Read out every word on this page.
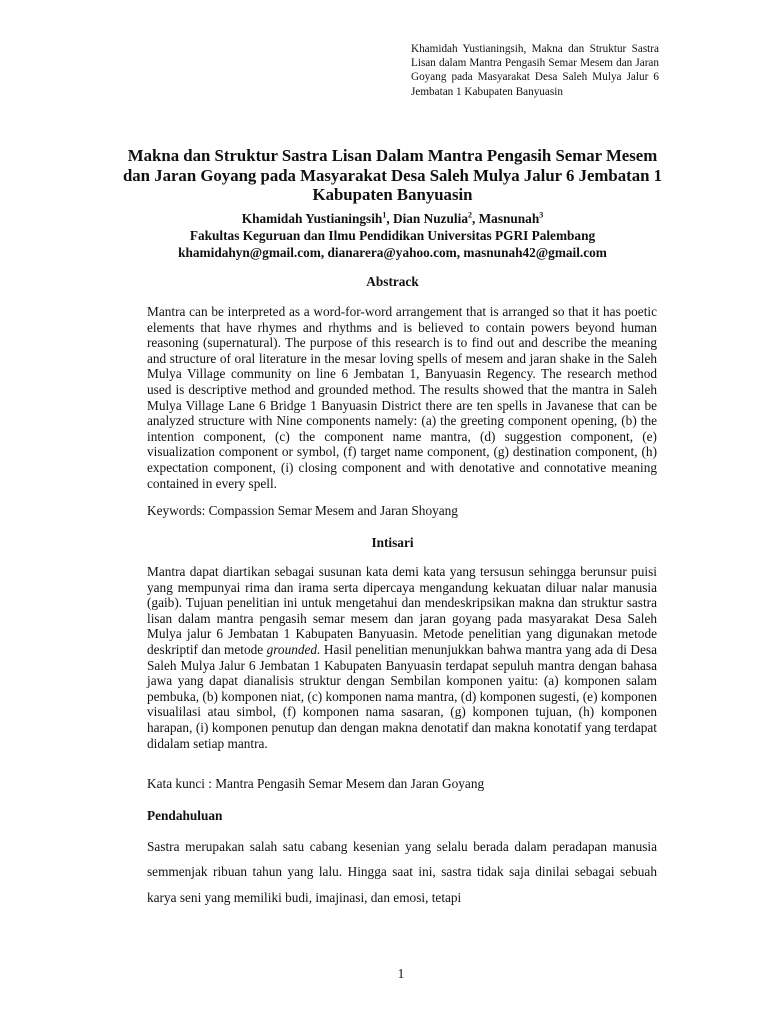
Khamidah Yustianingsih, Makna dan Struktur Sastra Lisan dalam Mantra Pengasih Semar Mesem dan Jaran Goyang pada Masyarakat Desa Saleh Mulya Jalur 6 Jembatan 1 Kabupaten Banyuasin
Makna dan Struktur Sastra Lisan Dalam Mantra Pengasih Semar Mesem dan Jaran Goyang pada Masyarakat Desa Saleh Mulya Jalur 6 Jembatan 1 Kabupaten Banyuasin
Khamidah Yustianingsih$^1$, Dian Nuzulia$^2$, Masnunah$^3$
Fakultas Keguruan dan Ilmu Pendidikan Universitas PGRI Palembang
khamidahyn@gmail.com, dianarera@yahoo.com, masnunah42@gmail.com
Abstrack

Mantra can be interpreted as a word-for-word arrangement that is arranged so that it has poetic elements that have rhymes and rhythms and is believed to contain powers beyond human reasoning (supernatural). The purpose of this research is to find out and describe the meaning and structure of oral literature in the mesar loving spells of mesem and jaran shake in the Saleh Mulya Village community on line 6 Jembatan 1, Banyuasin Regency. The research method used is descriptive method and grounded method. The results showed that the mantra in Saleh Mulya Village Lane 6 Bridge 1 Banyuasin District there are ten spells in Javanese that can be analyzed structure with Nine components namely: (a) the greeting component opening, (b) the intention component, (c) the component name mantra, (d) suggestion component, (e) visualization component or symbol, (f) target name component, (g) destination component, (h) expectation component, (i) closing component and with denotative and connotative meaning contained in every spell.

Keywords: Compassion Semar Mesem and Jaran Shoyang

Intisari

Mantra dapat diartikan sebagai susunan kata demi kata yang tersusun sehingga berunsur puisi yang mempunyai rima dan irama serta dipercaya mengandung kekuatan diluar nalar manusia (gaib). Tujuan penelitian ini untuk mengetahui dan mendeskripsikan makna dan struktur sastra lisan dalam mantra pengasih semar mesem dan jaran goyang pada masyarakat Desa Saleh Mulya jalur 6 Jembatan 1 Kabupaten Banyuasin. Metode penelitian yang digunakan metode deskriptif dan metode grounded. Hasil penelitian menunjukkan bahwa mantra yang ada di Desa Saleh Mulya Jalur 6 Jembatan 1 Kabupaten Banyuasin terdapat sepuluh mantra dengan bahasa jawa yang dapat dianalisis struktur dengan Sembilan komponen yaitu: (a) komponen salam pembuka, (b) komponen niat, (c) komponen nama mantra, (d) komponen sugesti, (e) komponen visualilasi atau simbol, (f) komponen nama sasaran, (g) komponen tujuan, (h) komponen harapan, (i) komponen penutup dan dengan makna denotatif dan makna konotatif yang terdapat didalam setiap mantra.

Kata kunci : Mantra Pengasih Semar Mesem dan Jaran Goyang

Pendahuluan

Sastra merupakan salah satu cabang kesenian yang selalu berada dalam peradapan manusia semmenjak ribuan tahun yang lalu. Hingga saat ini, sastra tidak saja dinilai sebagai sebuah karya seni yang memiliki budi, imajinasi, dan emosi, tetapi

1
